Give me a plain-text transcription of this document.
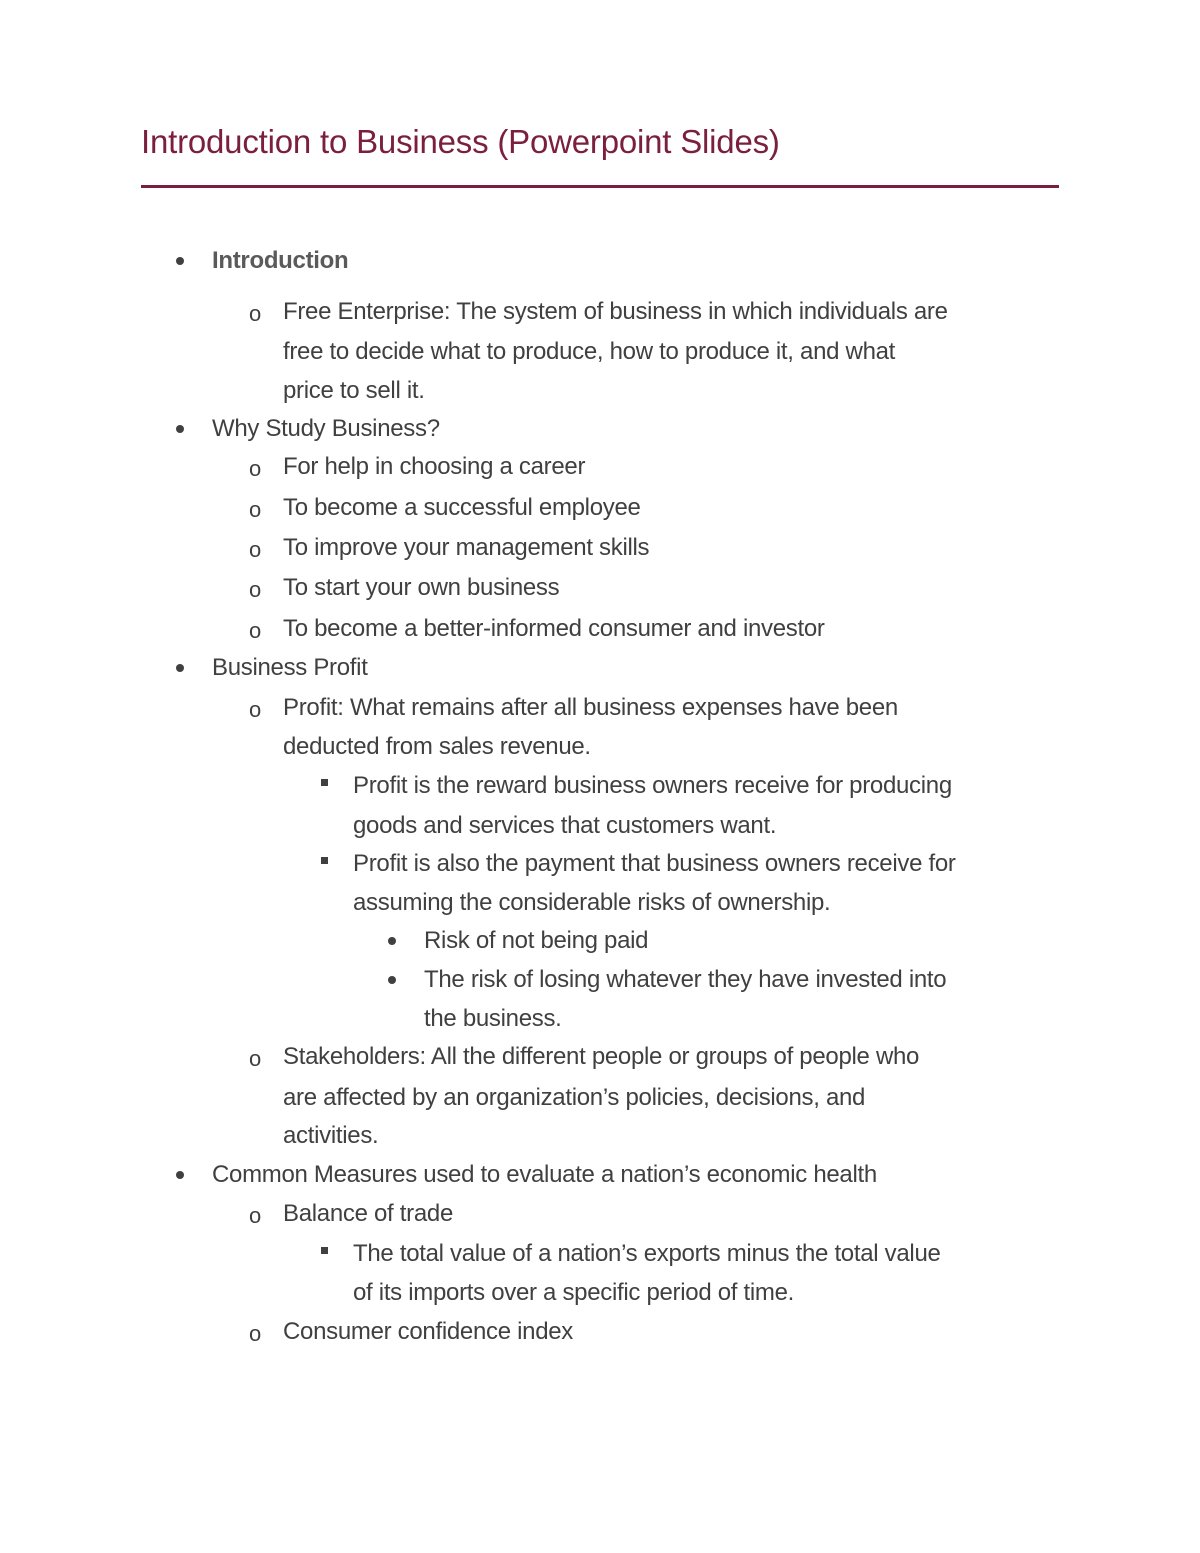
Introduction to Business (Powerpoint Slides)
Introduction
o Free Enterprise: The system of business in which individuals are
free to decide what to produce, how to produce it, and what
price to sell it.
Why Study Business?
o For help in choosing a career
o To become a successful employee
o To improve your management skills
o To start your own business
o To become a better-informed consumer and investor
Business Profit
o Profit: What remains after all business expenses have been
deducted from sales revenue.
Profit is the reward business owners receive for producing
goods and services that customers want.
Profit is also the payment that business owners receive for
assuming the considerable risks of ownership.
Risk of not being paid
The risk of losing whatever they have invested into
the business.
o Stakeholders: All the different people or groups of people who
are affected by an organization’s policies, decisions, and
activities.
Common Measures used to evaluate a nation’s economic health
o Balance of trade
The total value of a nation’s exports minus the total value
of its imports over a specific period of time.
o Consumer confidence index
